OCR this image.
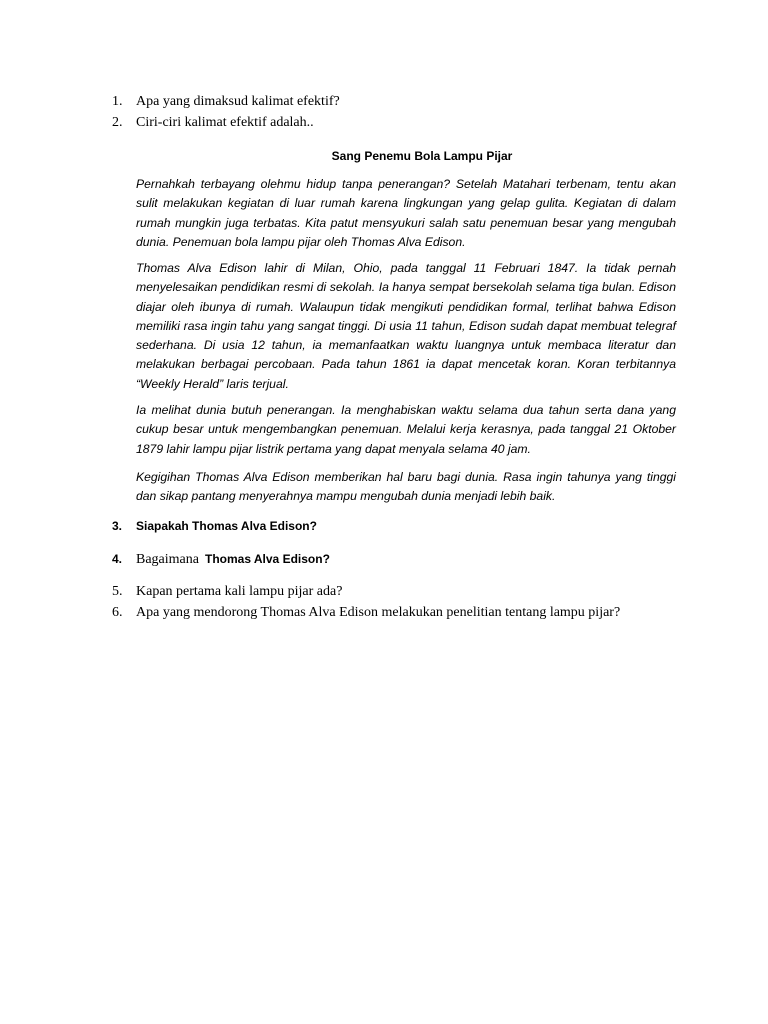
1. Apa yang dimaksud kalimat efektif?
2. Ciri-ciri kalimat efektif adalah..
Sang Penemu Bola Lampu Pijar

Pernahkah terbayang olehmu hidup tanpa penerangan? Setelah Matahari terbenam, tentu akan sulit melakukan kegiatan di luar rumah karena lingkungan yang gelap gulita. Kegiatan di dalam rumah mungkin juga terbatas. Kita patut mensyukuri salah satu penemuan besar yang mengubah dunia. Penemuan bola lampu pijar oleh Thomas Alva Edison.

Thomas Alva Edison lahir di Milan, Ohio, pada tanggal 11 Februari 1847. Ia tidak pernah menyelesaikan pendidikan resmi di sekolah. Ia hanya sempat bersekolah selama tiga bulan. Edison diajar oleh ibunya di rumah. Walaupun tidak mengikuti pendidikan formal, terlihat bahwa Edison memiliki rasa ingin tahu yang sangat tinggi. Di usia 11 tahun, Edison sudah dapat membuat telegraf sederhana. Di usia 12 tahun, ia memanfaatkan waktu luangnya untuk membaca literatur dan melakukan berbagai percobaan. Pada tahun 1861 ia dapat mencetak koran. Koran terbitannya “Weekly Herald” laris terjual.

Ia melihat dunia butuh penerangan. Ia menghabiskan waktu selama dua tahun serta dana yang cukup besar untuk mengembangkan penemuan. Melalui kerja kerasnya, pada tanggal 21 Oktober 1879 lahir lampu pijar listrik pertama yang dapat menyala selama 40 jam.

Kegigihan Thomas Alva Edison memberikan hal baru bagi dunia. Rasa ingin tahunya yang tinggi dan sikap pantang menyerahnya mampu mengubah dunia menjadi lebih baik.

3. Siapakah Thomas Alva Edison?
4. Bagaimana Thomas Alva Edison?
5. Kapan pertama kali lampu pijar ada?
6. Apa yang mendorong Thomas Alva Edison melakukan penelitian tentang lampu pijar?
